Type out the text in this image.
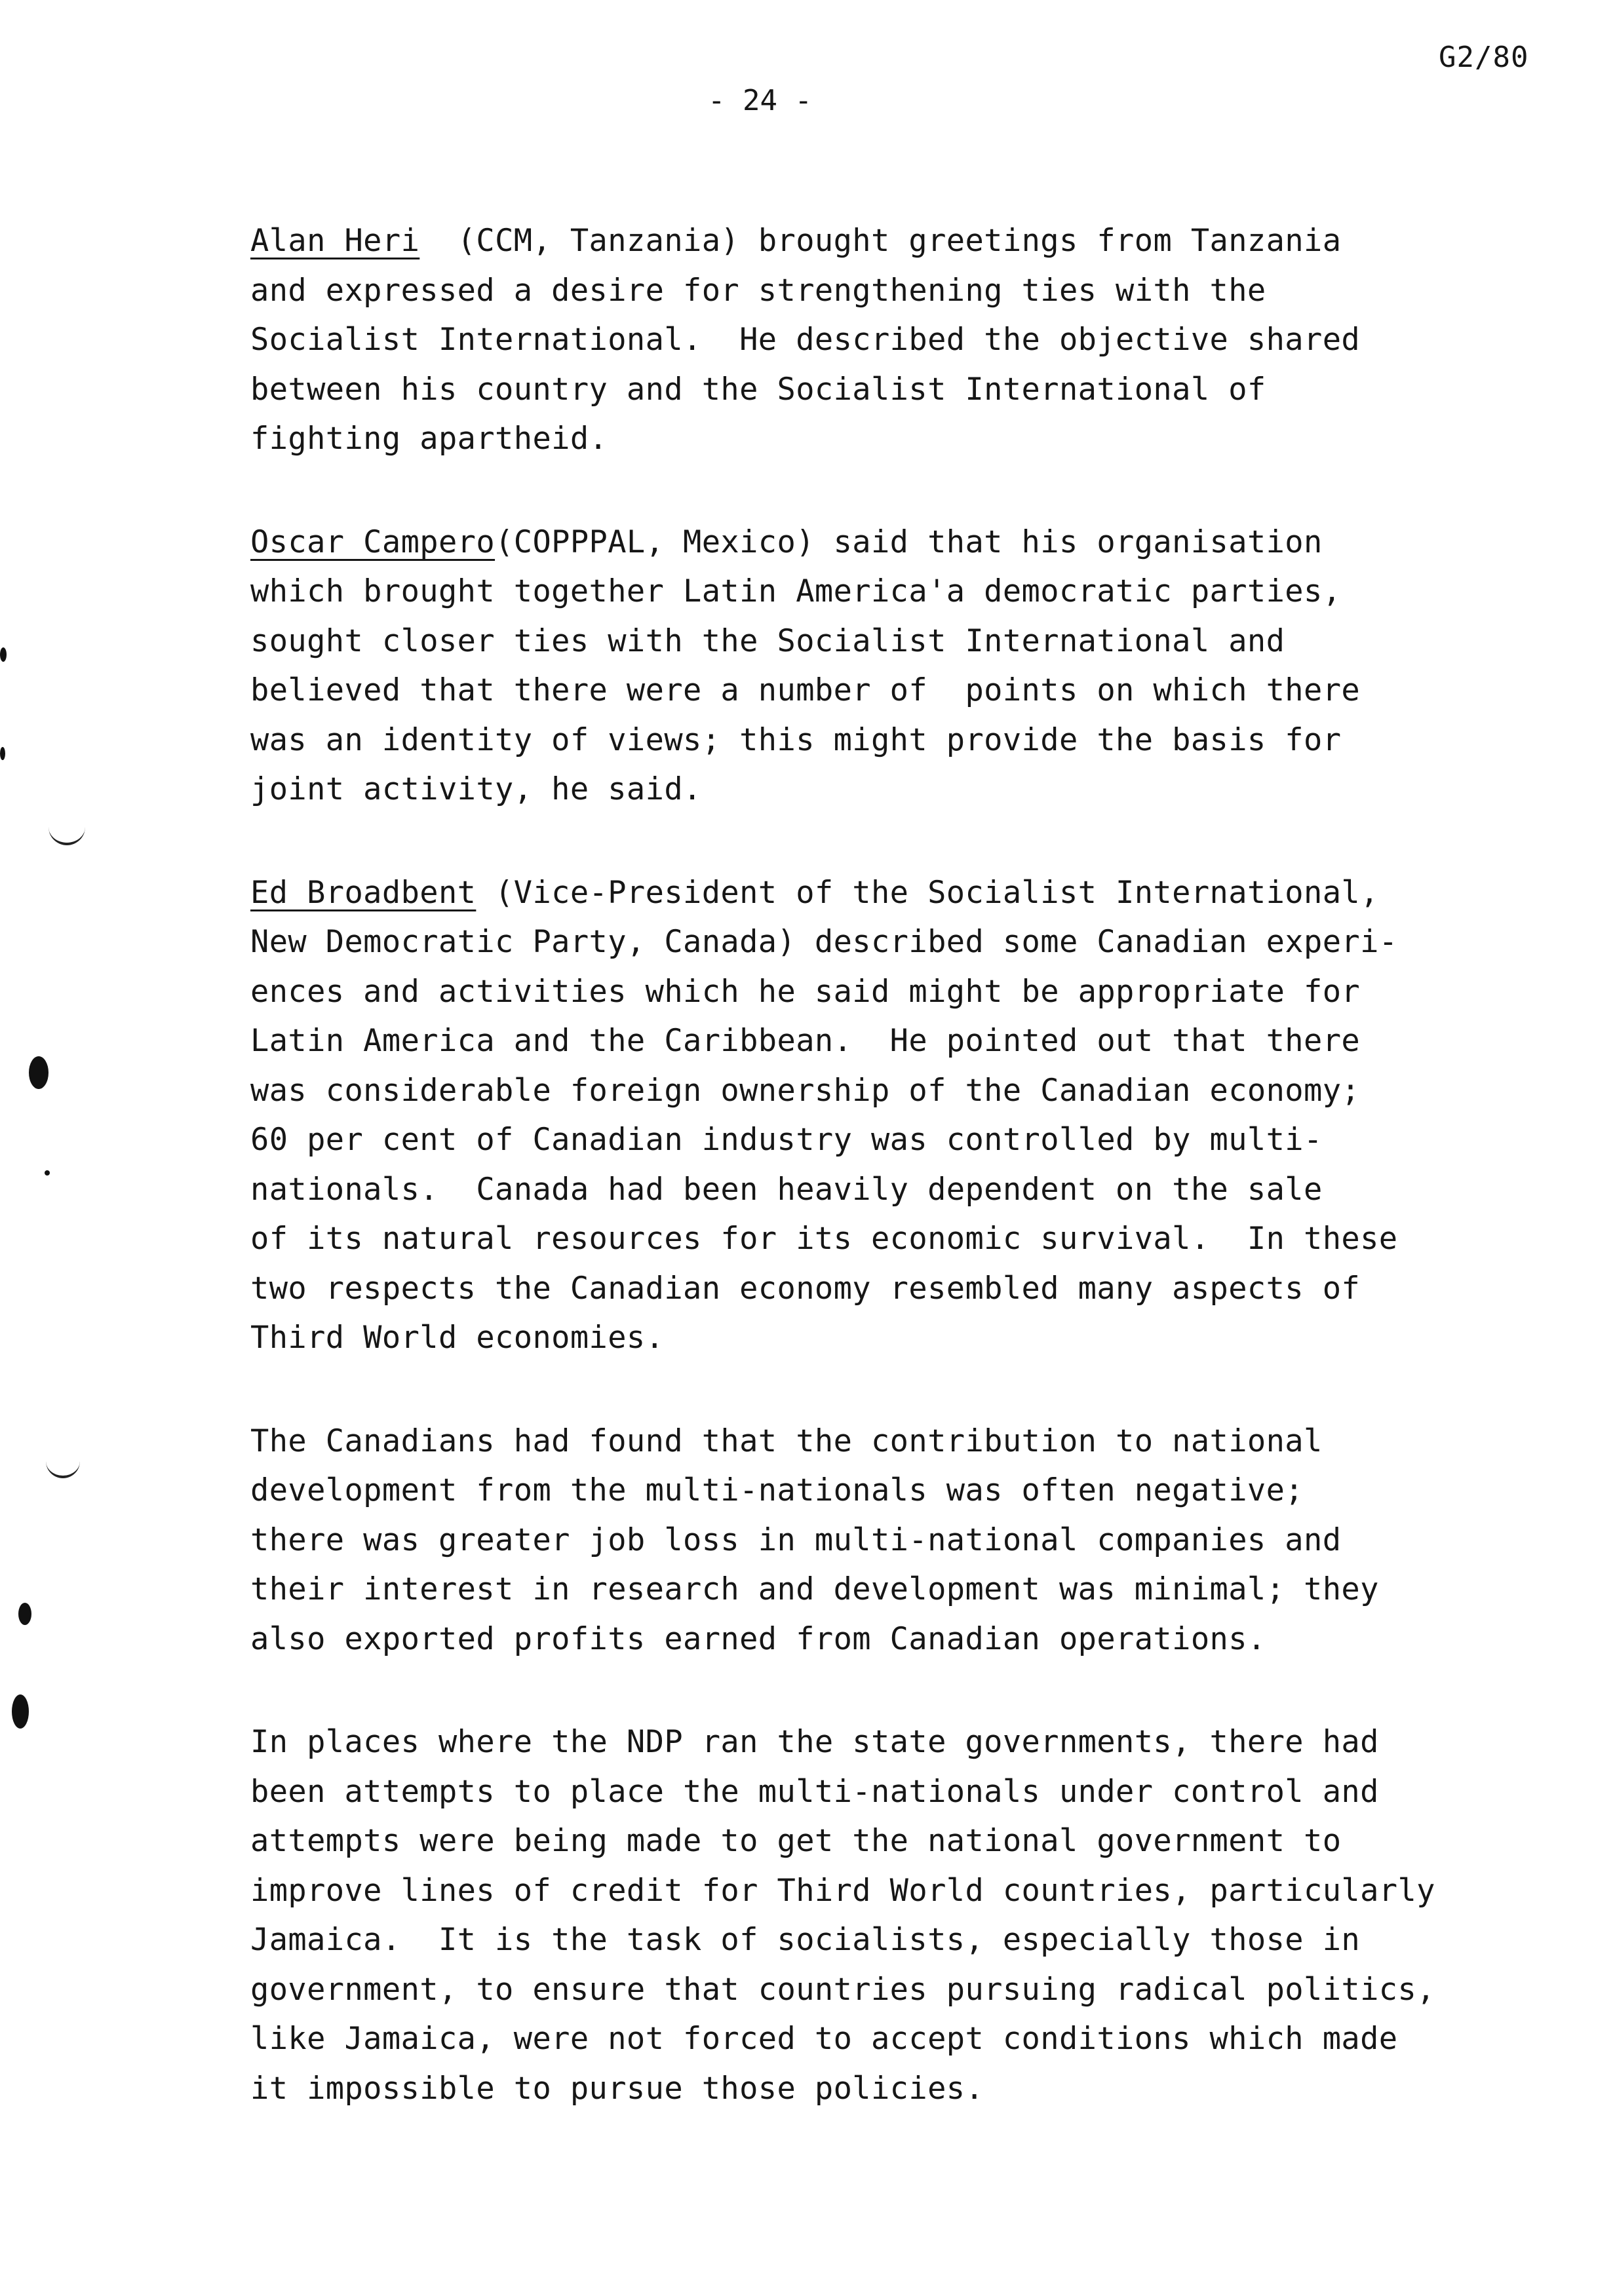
G2/80
- 24 -
Alan Heri  (CCM, Tanzania) brought greetings from Tanzania
and expressed a desire for strengthening ties with the
Socialist International.  He described the objective shared
between his country and the Socialist International of
fighting apartheid.
Oscar Campero(COPPPAL, Mexico) said that his organisation
which brought together Latin America'a democratic parties,
sought closer ties with the Socialist International and
believed that there were a number of  points on which there
was an identity of views; this might provide the basis for
joint activity, he said.
Ed Broadbent (Vice-President of the Socialist International,
New Democratic Party, Canada) described some Canadian experi-
ences and activities which he said might be appropriate for
Latin America and the Caribbean.  He pointed out that there
was considerable foreign ownership of the Canadian economy;
60 per cent of Canadian industry was controlled by multi-
nationals.  Canada had been heavily dependent on the sale
of its natural resources for its economic survival.  In these
two respects the Canadian economy resembled many aspects of
Third World economies.
The Canadians had found that the contribution to national
development from the multi-nationals was often negative;
there was greater job loss in multi-national companies and
their interest in research and development was minimal; they
also exported profits earned from Canadian operations.
In places where the NDP ran the state governments, there had
been attempts to place the multi-nationals under control and
attempts were being made to get the national government to
improve lines of credit for Third World countries, particularly
Jamaica.  It is the task of socialists, especially those in
government, to ensure that countries pursuing radical politics,
like Jamaica, were not forced to accept conditions which made
it impossible to pursue those policies.
